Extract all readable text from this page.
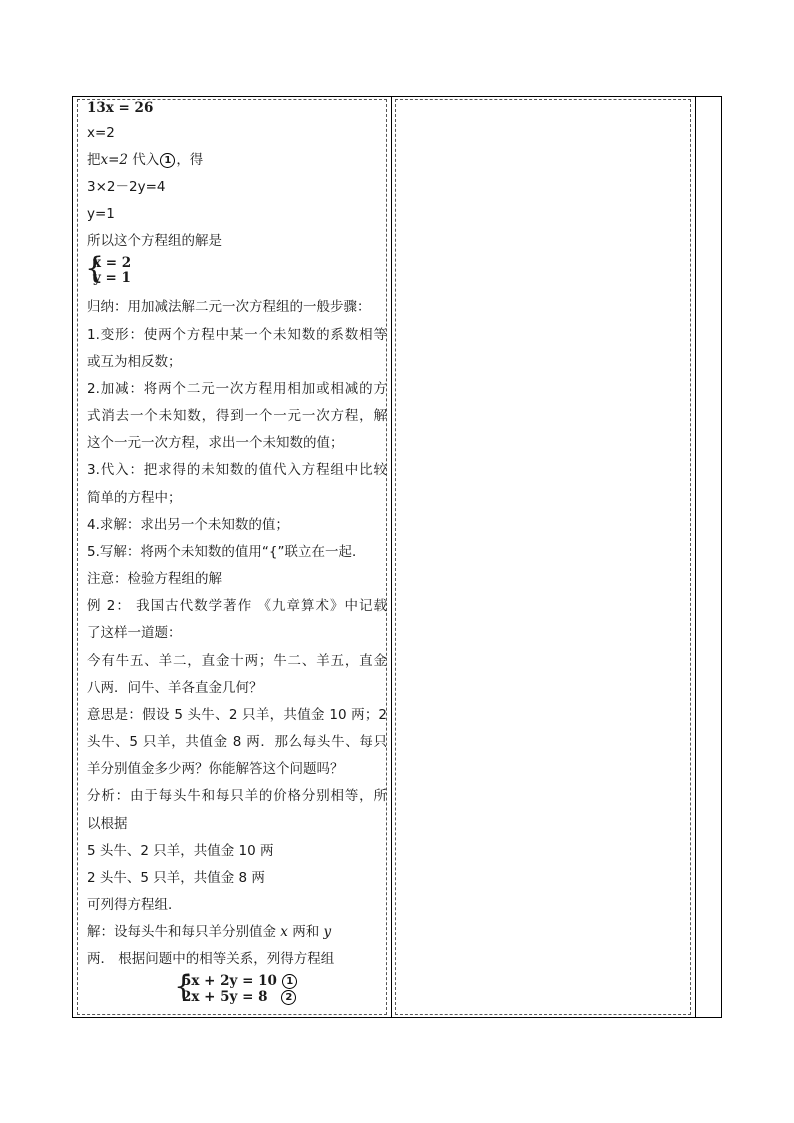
13x = 26
x=2
把x=2 代入 1 ，得
3×2－2y=4
y=1
所以这个方程组的解是
{
x = 2
y = 1
归纳：用加减法解二元一次方程组的一般步骤：
1.变形：使两个方程中某一个未知数的系数相等
或互为相反数；
2.加减：将两个二元一次方程用相加或相减的方
式消去一个未知数，得到一个一元一次方程，解
这个一元一次方程，求出一个未知数的值；
3.代入：把求得的未知数的值代入方程组中比较
简单的方程中；
4.求解：求出另一个未知数的值；
5.写解：将两个未知数的值用“{”联立在一起．
注意：检验方程组的解
例 2： 我国古代数学著作 《九章算术》中记载
了这样一道题：
今有牛五、羊二，直金十两；牛二、羊五，直金
八两．问牛、羊各直金几何？
意思是：假设 5 头牛、2 只羊，共值金 10 两；2
头牛、5 只羊，共值金 8 两．那么每头牛、每只
羊分别值金多少两？你能解答这个问题吗？
分析：由于每头牛和每只羊的价格分别相等，所
以根据
5 头牛、2 只羊，共值金 10 两
2 头牛、5 只羊，共值金 8 两
可列得方程组．
解：设每头牛和每只羊分别值金 x 两和 y
两． 根据问题中的相等关系，列得方程组
{
5x + 2y = 10 1
2x + 5y = 8 2
